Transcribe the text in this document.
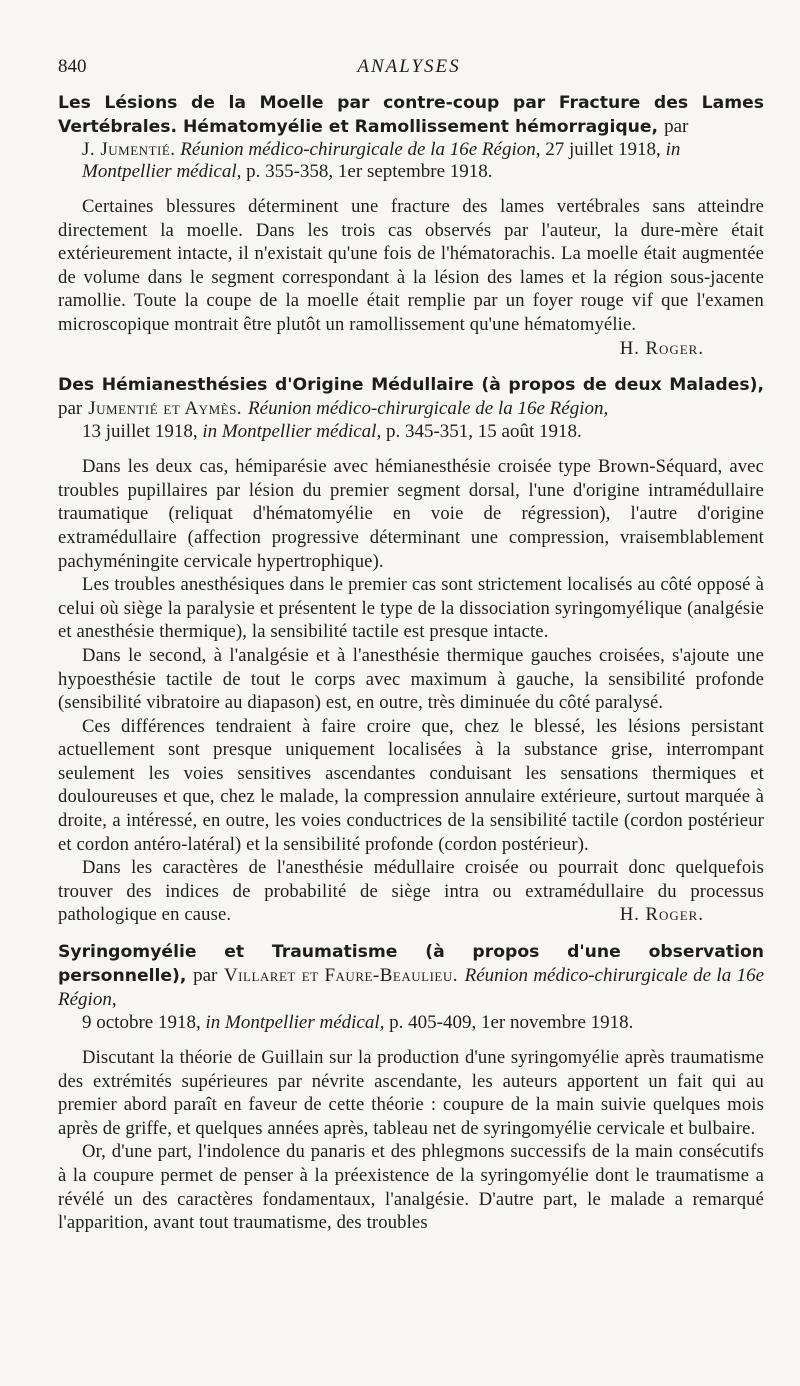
840	ANALYSES

Les Lésions de la Moelle par contre-coup par Fracture des Lames Vertébrales. Hématomyélie et Ramollissement hémorragique, par

J. Jumentié. Réunion médico-chirurgicale de la 16e Région, 27 juillet 1918, in Montpellier médical, p. 355-358, 1er septembre 1918.

Certaines blessures déterminent une fracture des lames vertébrales sans atteindre directement la moelle. Dans les trois cas observés par l'auteur, la dure-mère était extérieurement intacte, il n'existait qu'une fois de l'hématorachis. La moelle était augmentée de volume dans le segment correspondant à la lésion des lames et la région sous-jacente ramollie. Toute la coupe de la moelle était remplie par un foyer rouge vif que l'examen microscopique montrait être plutôt un ramollissement qu'une hématomyélie.
H. Roger.

Des Hémianesthésies d'Origine Médullaire (à propos de deux Malades), par Jumentié et Aymès. Réunion médico-chirurgicale de la 16e Région,

13 juillet 1918, in Montpellier médical, p. 345-351, 15 août 1918.

Dans les deux cas, hémiparésie avec hémianesthésie croisée type Brown-Séquard, avec troubles pupillaires par lésion du premier segment dorsal, l'une d'origine intramédullaire traumatique (reliquat d'hématomyélie en voie de régression), l'autre d'origine extramédullaire (affection progressive déterminant une compression, vraisemblablement pachyméningite cervicale hypertrophique).

Les troubles anesthésiques dans le premier cas sont strictement localisés au côté opposé à celui où siège la paralysie et présentent le type de la dissociation syringomyélique (analgésie et anesthésie thermique), la sensibilité tactile est presque intacte.

Dans le second, à l'analgésie et à l'anesthésie thermique gauches croisées, s'ajoute une hypoesthésie tactile de tout le corps avec maximum à gauche, la sensibilité profonde (sensibilité vibratoire au diapason) est, en outre, très diminuée du côté paralysé.

Ces différences tendraient à faire croire que, chez le blessé, les lésions persistant actuellement sont presque uniquement localisées à la substance grise, interrompant seulement les voies sensitives ascendantes conduisant les sensations thermiques et douloureuses et que, chez le malade, la compression annulaire extérieure, surtout marquée à droite, a intéressé, en outre, les voies conductrices de la sensibilité tactile (cordon postérieur et cordon antéro-latéral) et la sensibilité profonde (cordon postérieur).

Dans les caractères de l'anesthésie médullaire croisée ou pourrait donc quelquefois trouver des indices de probabilité de siège intra ou extramédullaire du processus pathologique en cause.	H. Roger.

Syringomyélie et Traumatisme (à propos d'une observation personnelle), par Villaret et Faure-Beaulieu. Réunion médico-chirurgicale de la 16e Région,

9 octobre 1918, in Montpellier médical, p. 405-409, 1er novembre 1918.

Discutant la théorie de Guillain sur la production d'une syringomyélie après traumatisme des extrémités supérieures par névrite ascendante, les auteurs apportent un fait qui au premier abord paraît en faveur de cette théorie : coupure de la main suivie quelques mois après de griffe, et quelques années après, tableau net de syringomyélie cervicale et bulbaire.

Or, d'une part, l'indolence du panaris et des phlegmons successifs de la main consécutifs à la coupure permet de penser à la préexistence de la syringomyélie dont le traumatisme a révélé un des caractères fondamentaux, l'analgésie. D'autre part, le malade a remarqué l'apparition, avant tout traumatisme, des troubles
